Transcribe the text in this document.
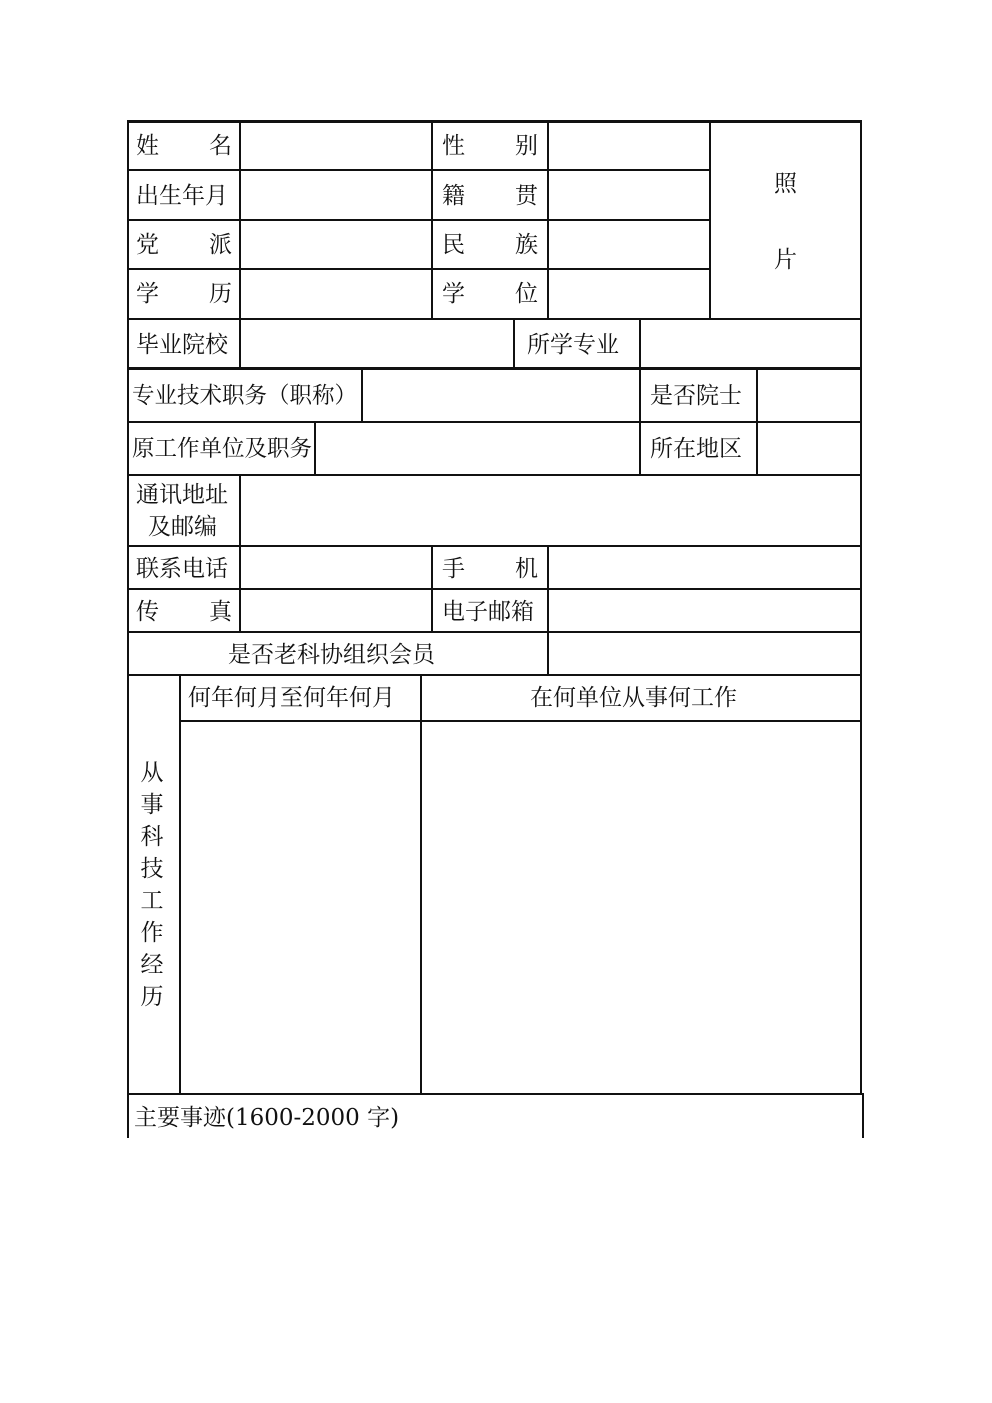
姓 名	性 别
照
片
出生年月	籍 贯
党 派	民 族
学 历	学 位
毕业院校	所学专业
专业技术职务（职称）	是否院士
原工作单位及职务	所在地区
通讯地址
及邮编
联系电话	手 机
传 真	电子邮箱
是否老科协组织会员
从
事
科
技
工
作
经
历
何年何月至何年何月	在何单位从事何工作
主要事迹(1600-2000 字)
